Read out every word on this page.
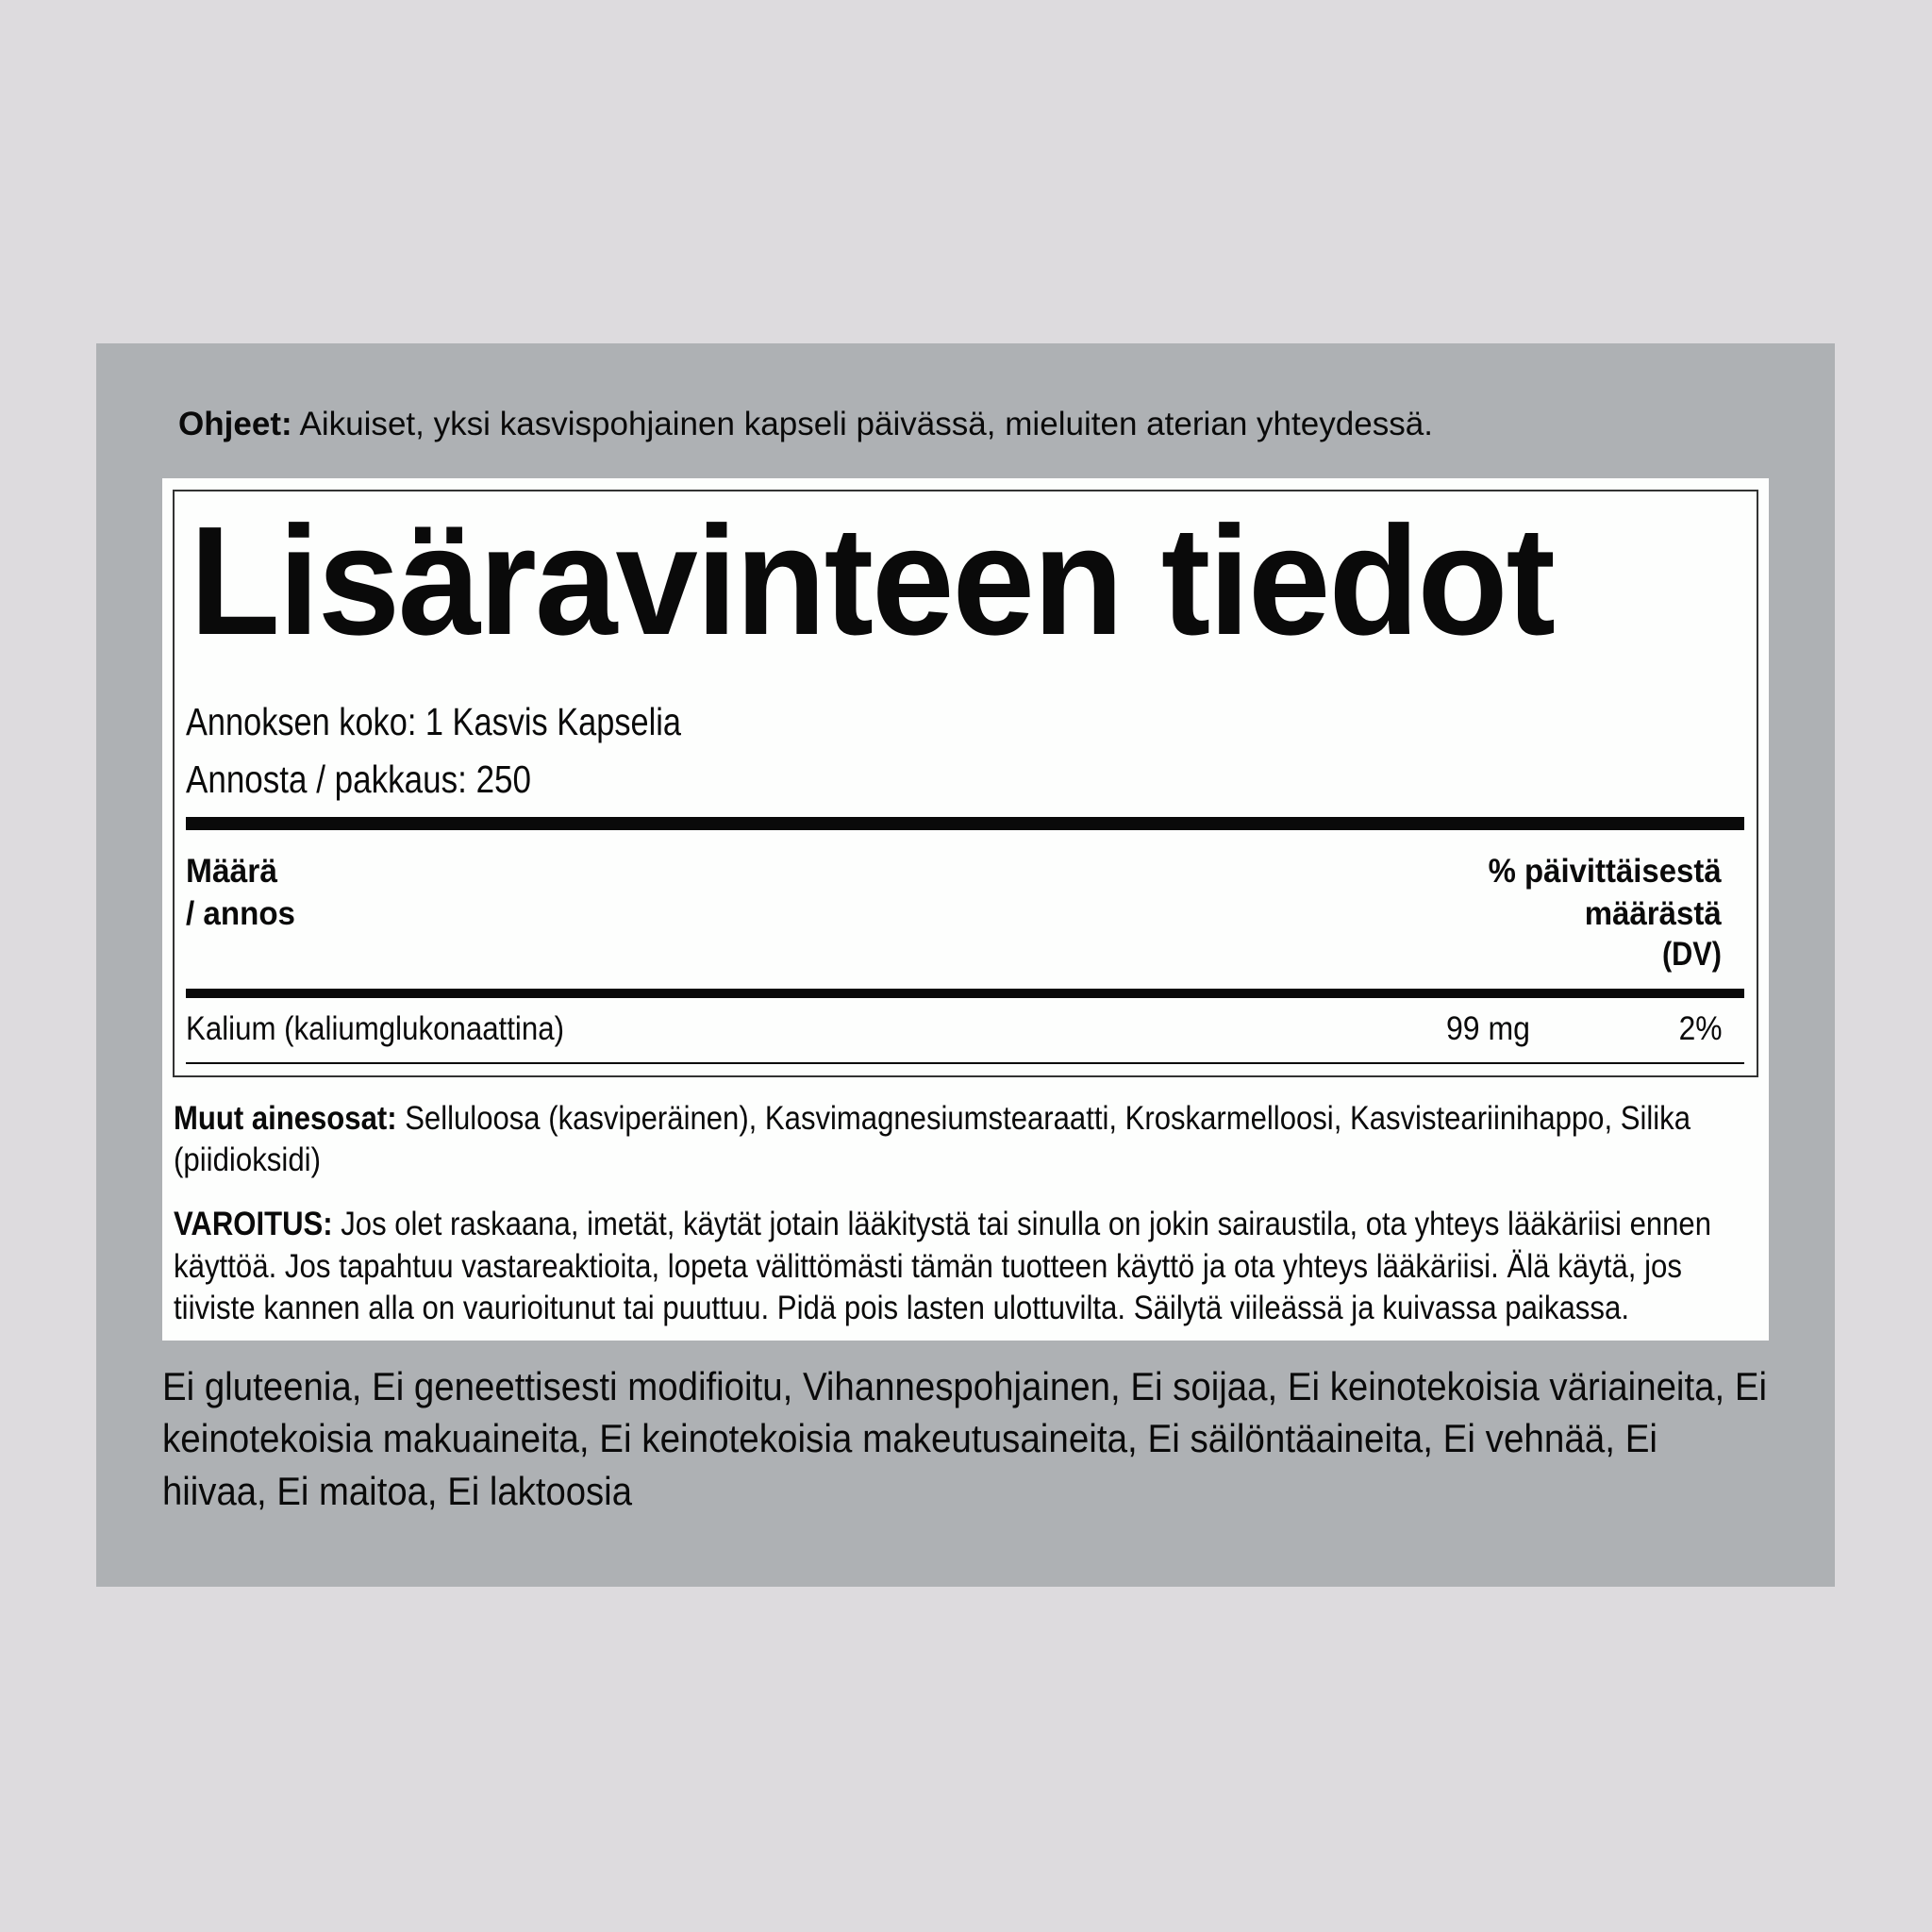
Ohjeet: Aikuiset, yksi kasvispohjainen kapseli päivässä, mieluiten aterian yhteydessä.
Lisäravinteen tiedot
Annoksen koko: 1 Kasvis Kapselia
Annosta / pakkaus: 250
Määrä
/ annos
% päivittäisestä
määrästä
(DV)
Kalium (kaliumglukonaattina)	99 mg	2%
Muut ainesosat: Selluloosa (kasviperäinen), Kasvimagnesiumstearaatti, Kroskarmelloosi, Kasvisteariinihappo, Silika
(piidioksidi)
VAROITUS: Jos olet raskaana, imetät, käytät jotain lääkitystä tai sinulla on jokin sairaustila, ota yhteys lääkäriisi ennen
käyttöä. Jos tapahtuu vastareaktioita, lopeta välittömästi tämän tuotteen käyttö ja ota yhteys lääkäriisi. Älä käytä, jos
tiiviste kannen alla on vaurioitunut tai puuttuu. Pidä pois lasten ulottuvilta. Säilytä viileässä ja kuivassa paikassa.
Ei gluteenia, Ei geneettisesti modifioitu, Vihannespohjainen, Ei soijaa, Ei keinotekoisia väriaineita, Ei
keinotekoisia makuaineita, Ei keinotekoisia makeutusaineita, Ei säilöntäaineita, Ei vehnää, Ei
hiivaa, Ei maitoa, Ei laktoosia
